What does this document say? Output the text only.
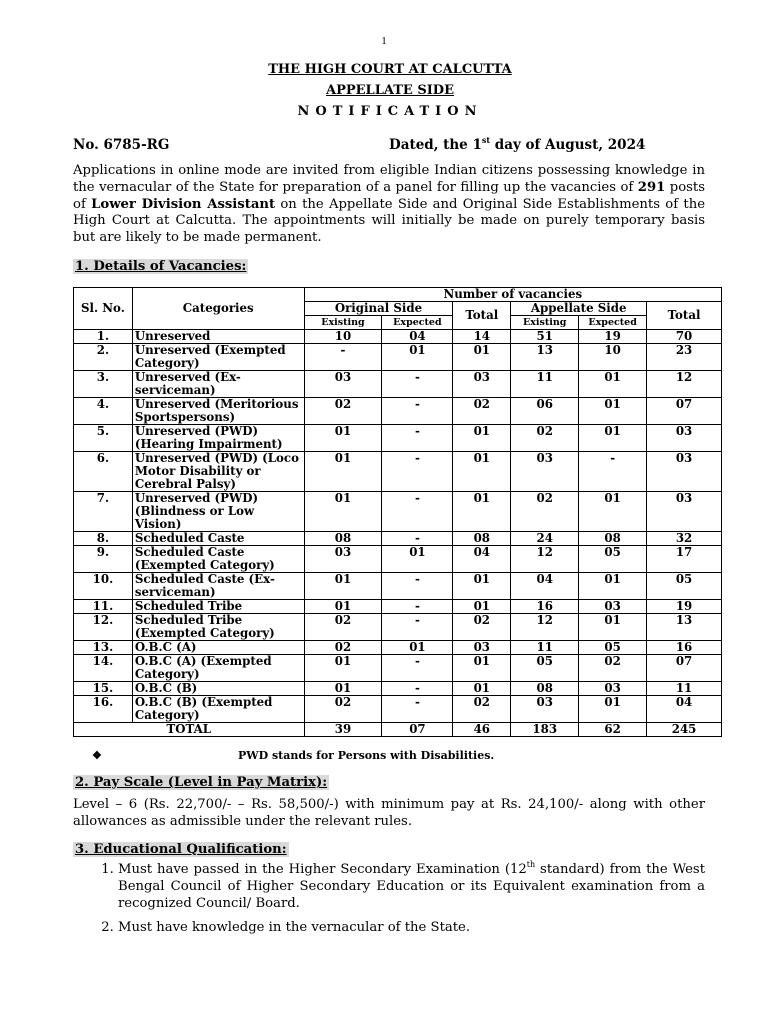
1
THE HIGH COURT AT CALCUTTA
APPELLATE SIDE
NOTIFICATION
No. 6785-RG	Dated, the 1st day of August, 2024
Applications in online mode are invited from eligible Indian citizens possessing knowledge in the vernacular of the State for preparation of a panel for filling up the vacancies of 291 posts of Lower Division Assistant on the Appellate Side and Original Side Establishments of the High Court at Calcutta. The appointments will initially be made on purely temporary basis but are likely to be made permanent.
1. Details of Vacancies:
Sl. No.	Categories	Number of vacancies					
		Original Side		Total	Appellate Side		Total
		Existing	Expected		Existing	Expected	
1.	Unreserved	10	04	14	51	19	70
2.	Unreserved (Exempted Category)	-	01	01	13	10	23
3.	Unreserved (Ex-serviceman)	03	-	03	11	01	12
4.	Unreserved (Meritorious Sportspersons)	02	-	02	06	01	07
5.	Unreserved (PWD) (Hearing Impairment)	01	-	01	02	01	03
6.	Unreserved (PWD) (Loco Motor Disability or Cerebral Palsy)	01	-	01	03	-	03
7.	Unreserved (PWD) (Blindness or Low Vision)	01	-	01	02	01	03
8.	Scheduled Caste	08	-	08	24	08	32
9.	Scheduled Caste (Exempted Category)	03	01	04	12	05	17
10.	Scheduled Caste (Ex-serviceman)	01	-	01	04	01	05
11.	Scheduled Tribe	01	-	01	16	03	19
12.	Scheduled Tribe (Exempted Category)	02	-	02	12	01	13
13.	O.B.C (A)	02	01	03	11	05	16
14.	O.B.C (A) (Exempted Category)	01	-	01	05	02	07
15.	O.B.C (B)	01	-	01	08	03	11
16.	O.B.C (B) (Exempted Category)	02	-	02	03	01	04
TOTAL		39	07	46	183	62	245
❖	PWD stands for Persons with Disabilities.
2. Pay Scale (Level in Pay Matrix):
Level – 6 (Rs. 22,700/- – Rs. 58,500/-) with minimum pay at Rs. 24,100/- along with other allowances as admissible under the relevant rules.
3. Educational Qualification:
1. Must have passed in the Higher Secondary Examination (12th standard) from the West Bengal Council of Higher Secondary Education or its Equivalent examination from a recognized Council/ Board.
2. Must have knowledge in the vernacular of the State.
